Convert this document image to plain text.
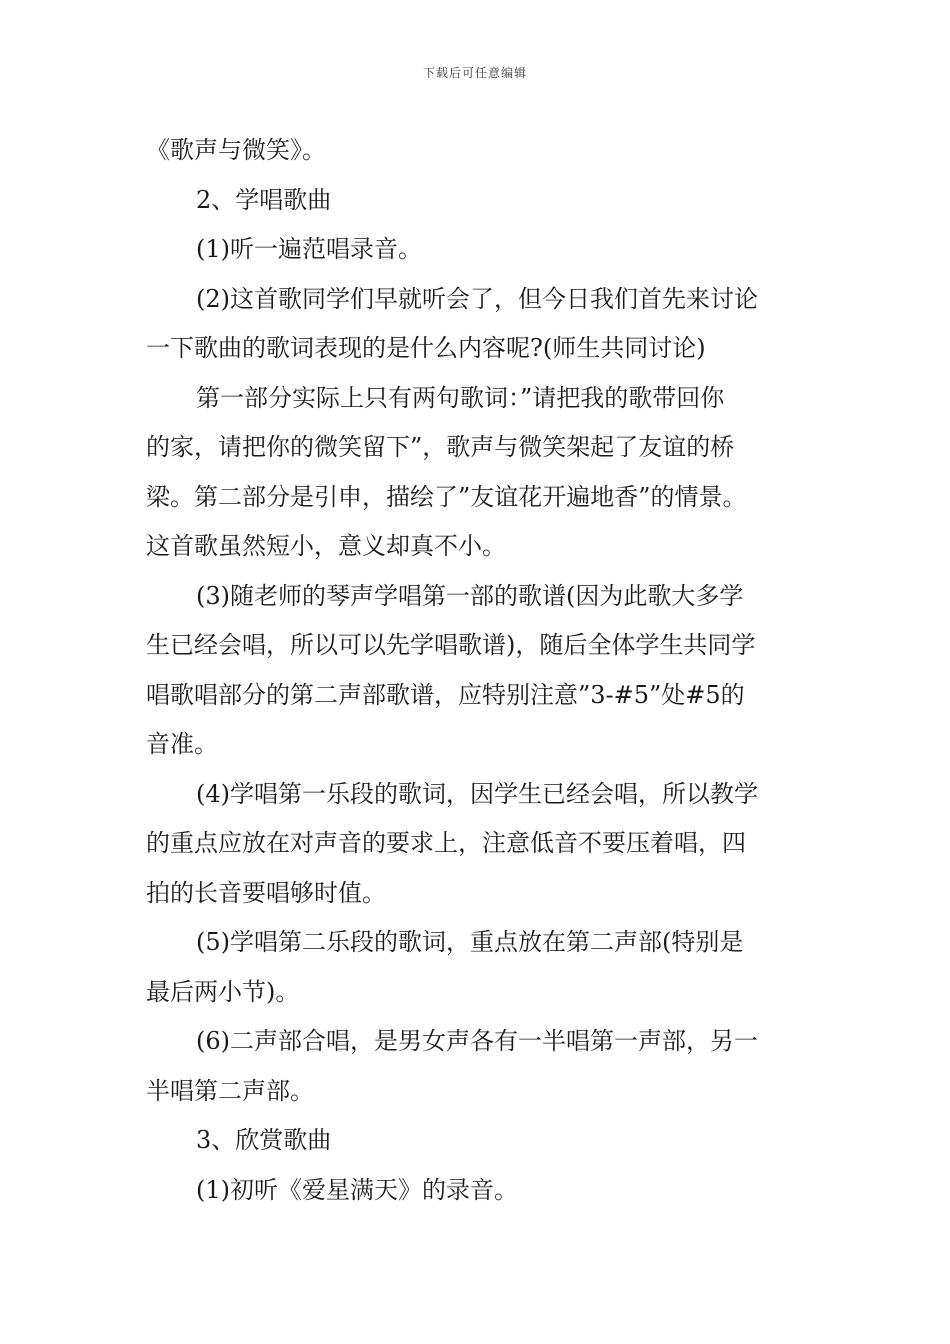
下载后可任意编辑
《歌声与微笑》。
2、学唱歌曲
(1)听一遍范唱录音。
(2)这首歌同学们早就听会了，但今日我们首先来讨论
一下歌曲的歌词表现的是什么内容呢?(师生共同讨论)
第一部分实际上只有两句歌词：”请把我的歌带回你
的家，请把你的微笑留下”，歌声与微笑架起了友谊的桥
梁。第二部分是引申，描绘了”友谊花开遍地香”的情景。
这首歌虽然短小，意义却真不小。
(3)随老师的琴声学唱第一部的歌谱(因为此歌大多学
生已经会唱，所以可以先学唱歌谱)，随后全体学生共同学
唱歌唱部分的第二声部歌谱，应特别注意”3-#5”处#5的
音准。
(4)学唱第一乐段的歌词，因学生已经会唱，所以教学
的重点应放在对声音的要求上，注意低音不要压着唱，四
拍的长音要唱够时值。
(5)学唱第二乐段的歌词，重点放在第二声部(特别是
最后两小节)。
(6)二声部合唱，是男女声各有一半唱第一声部，另一
半唱第二声部。
3、欣赏歌曲
(1)初听《爱星满天》的录音。
